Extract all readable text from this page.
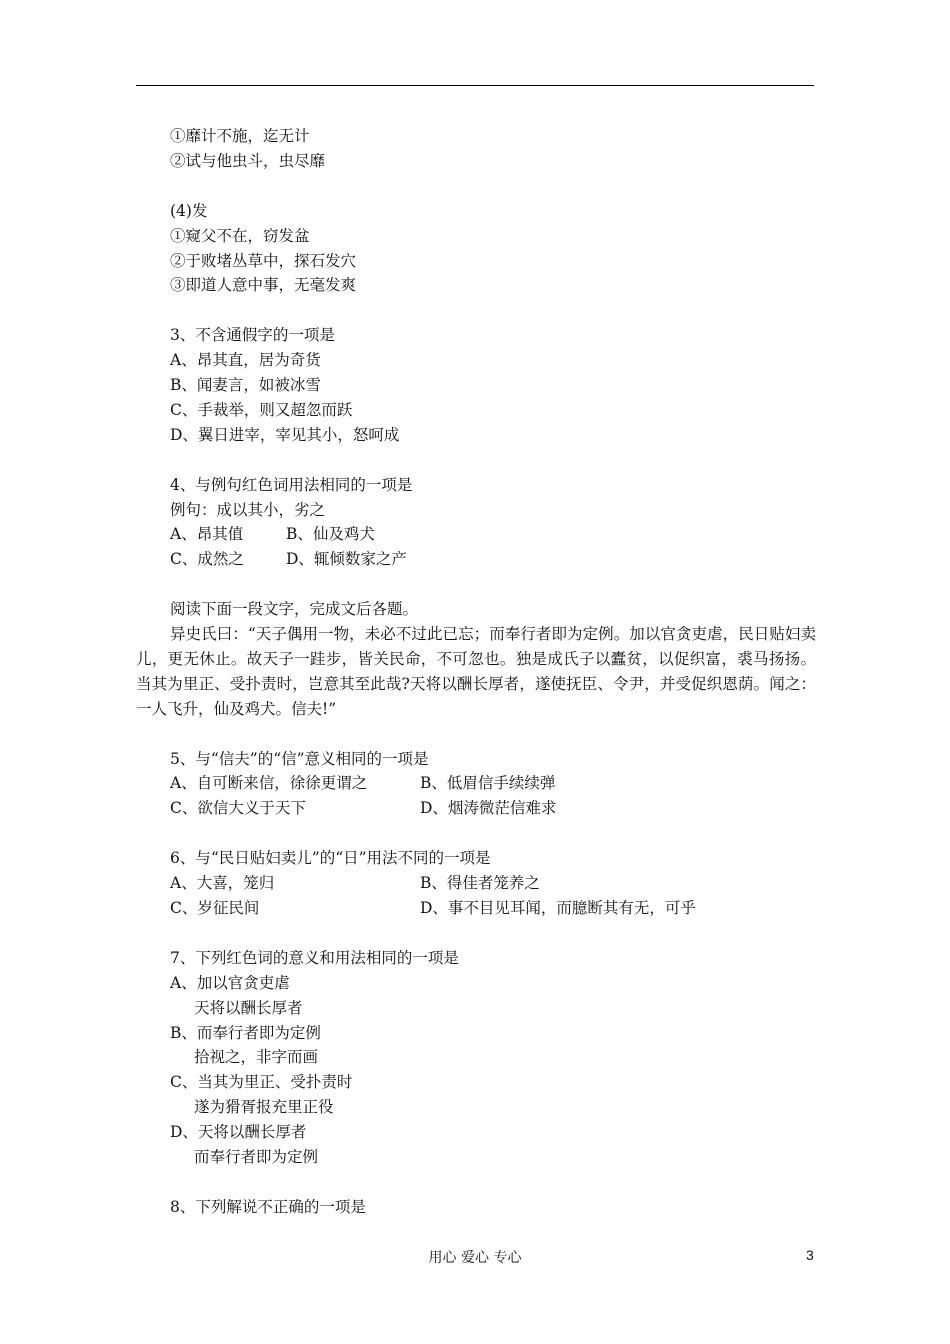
①靡计不施，迄无计
②试与他虫斗，虫尽靡
(4)发
①窥父不在，窃发盆
②于败堵丛草中，探石发穴
③即道人意中事，无毫发爽
3、不含通假字的一项是
A、昂其直，居为奇货
B、闻妻言，如被冰雪
C、手裁举，则又超忽而跃
D、翼日进宰，宰见其小，怒呵成
4、与例句红色词用法相同的一项是
例句：成以其小，劣之
A、昂其值	B、仙及鸡犬
C、成然之	D、辄倾数家之产
阅读下面一段文字，完成文后各题。
异史氏曰：“天子偶用一物，未必不过此已忘；而奉行者即为定例。加以官贪吏虐，民日贴妇卖儿，更无休止。故天子一跬步，皆关民命，不可忽也。独是成氏子以蠹贫，以促织富，裘马扬扬。当其为里正、受扑责时，岂意其至此哉?天将以酬长厚者，遂使抚臣、令尹，并受促织恩荫。闻之：一人飞升，仙及鸡犬。信夫!”
5、与“信夫”的“信”意义相同的一项是
A、自可断来信，徐徐更谓之	B、低眉信手续续弹
C、欲信大义于天下	D、烟涛微茫信难求
6、与“民日贴妇卖儿”的“日”用法不同的一项是
A、大喜，笼归	B、得佳者笼养之
C、岁征民间	D、事不目见耳闻，而臆断其有无，可乎
7、下列红色词的意义和用法相同的一项是
A、加以官贪吏虐
天将以酬长厚者
B、而奉行者即为定例
拾视之，非字而画
C、当其为里正、受扑责时
遂为猾胥报充里正役
D、天将以酬长厚者
而奉行者即为定例
8、下列解说不正确的一项是
用心 爱心 专心	3
